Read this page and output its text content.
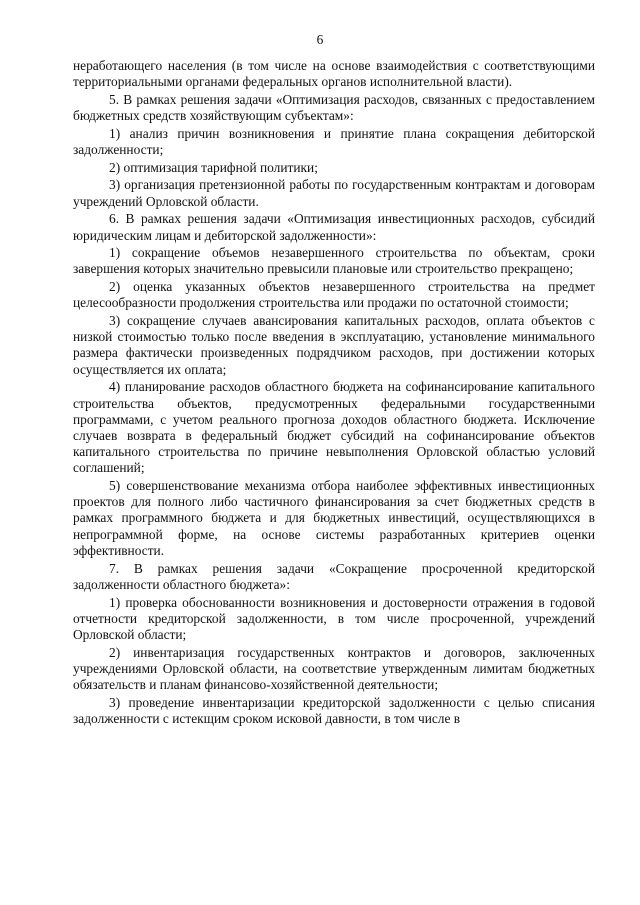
6

неработающего населения (в том числе на основе взаимодействия с соответствующими территориальными органами федеральных органов исполнительной власти).

5. В рамках решения задачи «Оптимизация расходов, связанных с предоставлением бюджетных средств хозяйствующим субъектам»:

1) анализ причин возникновения и принятие плана сокращения дебиторской задолженности;

2) оптимизация тарифной политики;

3) организация претензионной работы по государственным контрактам и договорам учреждений Орловской области.

6. В рамках решения задачи «Оптимизация инвестиционных расходов, субсидий юридическим лицам и дебиторской задолженности»:

1) сокращение объемов незавершенного строительства по объектам, сроки завершения которых значительно превысили плановые или строительство прекращено;

2) оценка указанных объектов незавершенного строительства на предмет целесообразности продолжения строительства или продажи по остаточной стоимости;

3) сокращение случаев авансирования капитальных расходов, оплата объектов с низкой стоимостью только после введения в эксплуатацию, установление минимального размера фактически произведенных подрядчиком расходов, при достижении которых осуществляется их оплата;

4) планирование расходов областного бюджета на софинансирование капитального строительства объектов, предусмотренных федеральными государственными программами, с учетом реального прогноза доходов областного бюджета. Исключение случаев возврата в федеральный бюджет субсидий на софинансирование объектов капитального строительства по причине невыполнения Орловской областью условий соглашений;

5) совершенствование механизма отбора наиболее эффективных инвестиционных проектов для полного либо частичного финансирования за счет бюджетных средств в рамках программного бюджета и для бюджетных инвестиций, осуществляющихся в непрограммной форме, на основе системы разработанных критериев оценки эффективности.

7. В рамках решения задачи «Сокращение просроченной кредиторской задолженности областного бюджета»:

1) проверка обоснованности возникновения и достоверности отражения в годовой отчетности кредиторской задолженности, в том числе просроченной, учреждений Орловской области;

2) инвентаризация государственных контрактов и договоров, заключенных учреждениями Орловской области, на соответствие утвержденным лимитам бюджетных обязательств и планам финансово-хозяйственной деятельности;

3) проведение инвентаризации кредиторской задолженности с целью списания задолженности с истекщим сроком исковой давности, в том числе в
